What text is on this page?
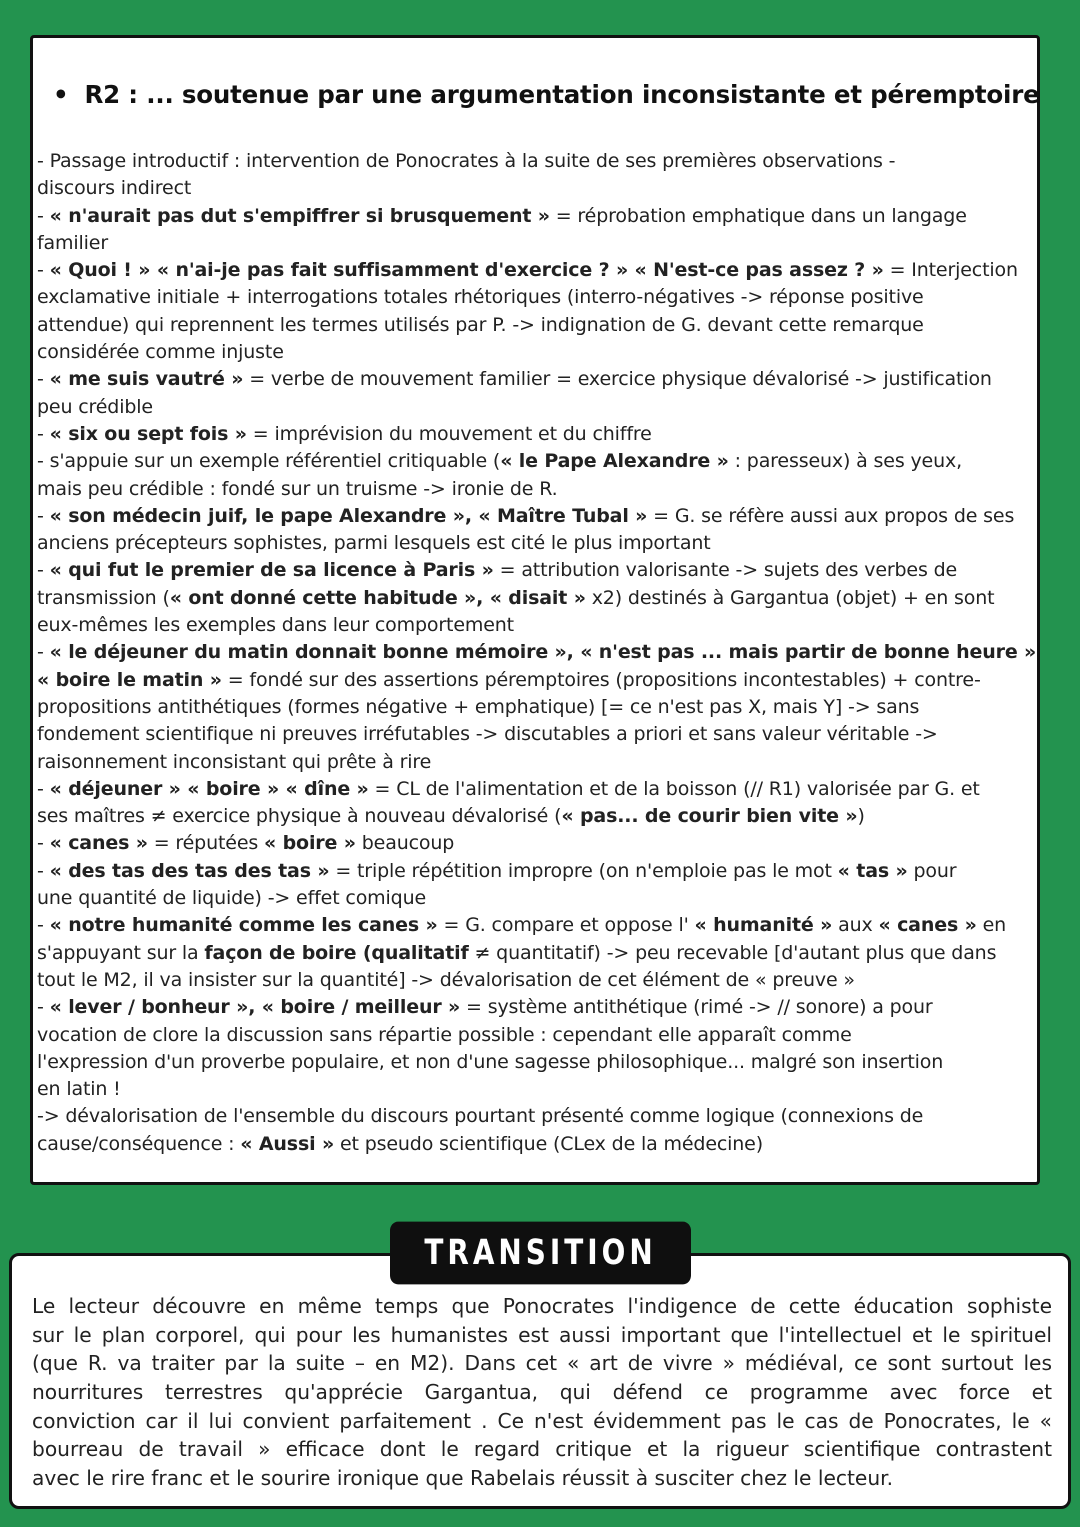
• R2 : ... soutenue par une argumentation inconsistante et péremptoire
- Passage introductif : intervention de Ponocrates à la suite de ses premières observations -
discours indirect
- « n'aurait pas dut s'empiffrer si brusquement » = réprobation emphatique dans un langage
familier
- « Quoi ! » « n'ai-je pas fait suffisamment d'exercice ? » « N'est-ce pas assez ? » = Interjection
exclamative initiale + interrogations totales rhétoriques (interro-négatives -> réponse positive
attendue) qui reprennent les termes utilisés par P. -> indignation de G. devant cette remarque
considérée comme injuste
- « me suis vautré » = verbe de mouvement familier = exercice physique dévalorisé -> justification
peu crédible
- « six ou sept fois » = imprévision du mouvement et du chiffre
- s'appuie sur un exemple référentiel critiquable (« le Pape Alexandre » : paresseux) à ses yeux,
mais peu crédible : fondé sur un truisme -> ironie de R.
- « son médecin juif, le pape Alexandre », « Maître Tubal » = G. se réfère aussi aux propos de ses
anciens précepteurs sophistes, parmi lesquels est cité le plus important
- « qui fut le premier de sa licence à Paris » = attribution valorisante -> sujets des verbes de
transmission (« ont donné cette habitude », « disait » x2) destinés à Gargantua (objet) + en sont
eux-mêmes les exemples dans leur comportement
- « le déjeuner du matin donnait bonne mémoire », « n'est pas ... mais partir de bonne heure »
« boire le matin » = fondé sur des assertions péremptoires (propositions incontestables) + contre-
propositions antithétiques (formes négative + emphatique) [= ce n'est pas X, mais Y] -> sans
fondement scientifique ni preuves irréfutables -> discutables a priori et sans valeur véritable ->
raisonnement inconsistant qui prête à rire
- « déjeuner » « boire » « dîne » = CL de l'alimentation et de la boisson (// R1) valorisée par G. et
ses maîtres ≠ exercice physique à nouveau dévalorisé (« pas... de courir bien vite »)
- « canes » = réputées « boire » beaucoup
- « des tas des tas des tas » = triple répétition impropre (on n'emploie pas le mot « tas » pour
une quantité de liquide) -> effet comique
- « notre humanité comme les canes » = G. compare et oppose l' « humanité » aux « canes » en
s'appuyant sur la façon de boire (qualitatif ≠ quantitatif) -> peu recevable [d'autant plus que dans
tout le M2, il va insister sur la quantité] -> dévalorisation de cet élément de « preuve »
- « lever / bonheur », « boire / meilleur » = système antithétique (rimé -> // sonore) a pour
vocation de clore la discussion sans répartie possible : cependant elle apparaît comme
l'expression d'un proverbe populaire, et non d'une sagesse philosophique... malgré son insertion
en latin !
-> dévalorisation de l'ensemble du discours pourtant présenté comme logique (connexions de
cause/conséquence : « Aussi » et pseudo scientifique (CLex de la médecine)
TRANSITION
Le lecteur découvre en même temps que Ponocrates l'indigence de cette éducation sophiste
sur le plan corporel, qui pour les humanistes est aussi important que l'intellectuel et le spirituel
(que R. va traiter par la suite – en M2). Dans cet « art de vivre » médiéval, ce sont surtout les
nourritures terrestres qu'apprécie Gargantua, qui défend ce programme avec force et
conviction car il lui convient parfaitement . Ce n'est évidemment pas le cas de Ponocrates, le «
bourreau de travail » efficace dont le regard critique et la rigueur scientifique contrastent
avec le rire franc et le sourire ironique que Rabelais réussit à susciter chez le lecteur.
